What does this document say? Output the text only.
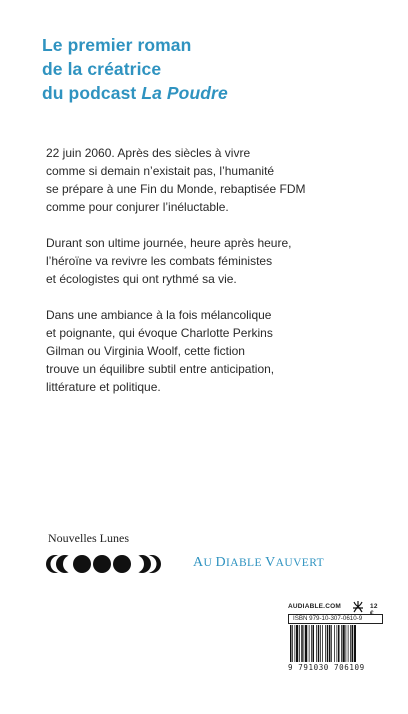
Le premier roman
de la créatrice
du podcast La Poudre

22 juin 2060. Après des siècles à vivre
comme si demain n’existait pas, l’humanité
se prépare à une Fin du Monde, rebaptisée FDM
comme pour conjurer l’inéluctable.

Durant son ultime journée, heure après heure,
l’héroïne va revivre les combats féministes
et écologistes qui ont rythmé sa vie.

Dans une ambiance à la fois mélancolique
et poignante, qui évoque Charlotte Perkins
Gilman ou Virginia Woolf, cette fiction
trouve un équilibre subtil entre anticipation,
littérature et politique.

Nouvelles Lunes
AU DIABLE VAUVERT
AUDIABLE.COM	12 €
ISBN 979-10-307-0610-9
9 791030 706109
